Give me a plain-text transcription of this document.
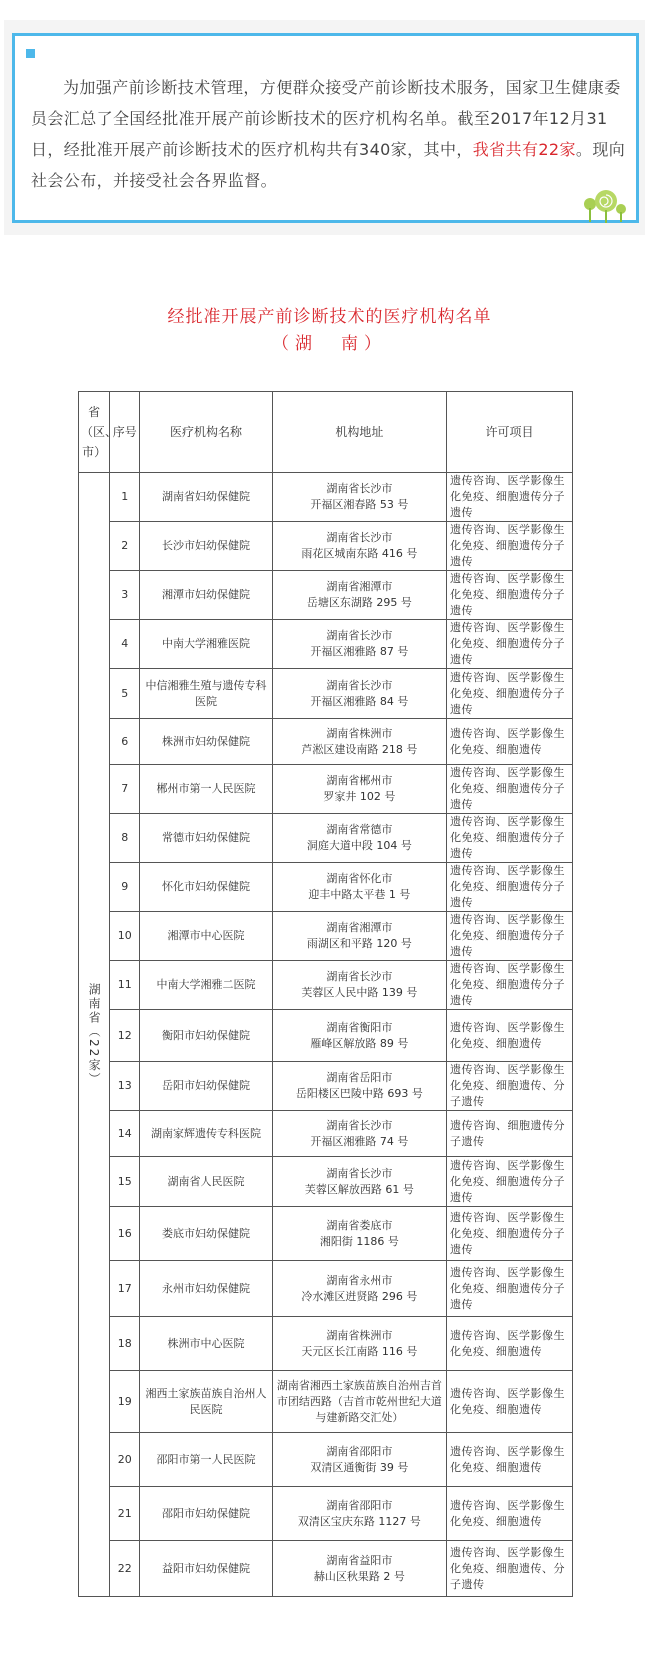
为加强产前诊断技术管理，方便群众接受产前诊断技术服务，国家卫生健康委员会汇总了全国经批准开展产前诊断技术的医疗机构名单。截至2017年12月31日，经批准开展产前诊断技术的医疗机构共有340家，其中，我省共有22家。现向社会公布，并接受社会各界监督。
经批准开展产前诊断技术的医疗机构名单
（湖　南）
省（区、市）	序号	医疗机构名称	机构地址	许可项目

湖南省（22家）	1	湖南省妇幼保健院	湖南省长沙市
开福区湘春路 53 号	遗传咨询、医学影像生化免疫、细胞遗传分子遗传
	2	长沙市妇幼保健院	湖南省长沙市
雨花区城南东路 416 号	遗传咨询、医学影像生化免疫、细胞遗传分子遗传
	3	湘潭市妇幼保健院	湖南省湘潭市
岳塘区东湖路 295 号	遗传咨询、医学影像生化免疫、细胞遗传分子遗传
	4	中南大学湘雅医院	湖南省长沙市
开福区湘雅路 87 号	遗传咨询、医学影像生化免疫、细胞遗传分子遗传
	5	中信湘雅生殖与遗传专科医院	湖南省长沙市
开福区湘雅路 84 号	遗传咨询、医学影像生化免疫、细胞遗传分子遗传
	6	株洲市妇幼保健院	湖南省株洲市
芦淞区建设南路 218 号	遗传咨询、医学影像生化免疫、细胞遗传
	7	郴州市第一人民医院	湖南省郴州市
罗家井 102 号	遗传咨询、医学影像生化免疫、细胞遗传分子遗传
	8	常德市妇幼保健院	湖南省常德市
洞庭大道中段 104 号	遗传咨询、医学影像生化免疫、细胞遗传分子遗传
	9	怀化市妇幼保健院	湖南省怀化市
迎丰中路太平巷 1 号	遗传咨询、医学影像生化免疫、细胞遗传分子遗传
	10	湘潭市中心医院	湖南省湘潭市
雨湖区和平路 120 号	遗传咨询、医学影像生化免疫、细胞遗传分子遗传
	11	中南大学湘雅二医院	湖南省长沙市
芙蓉区人民中路 139 号	遗传咨询、医学影像生化免疫、细胞遗传分子遗传
	12	衡阳市妇幼保健院	湖南省衡阳市
雁峰区解放路 89 号	遗传咨询、医学影像生化免疫、细胞遗传
	13	岳阳市妇幼保健院	湖南省岳阳市
岳阳楼区巴陵中路 693 号	遗传咨询、医学影像生化免疫、细胞遗传、分子遗传
	14	湖南家辉遗传专科医院	湖南省长沙市
开福区湘雅路 74 号	遗传咨询、细胞遗传分子遗传
	15	湖南省人民医院	湖南省长沙市
芙蓉区解放西路 61 号	遗传咨询、医学影像生化免疫、细胞遗传分子遗传
	16	娄底市妇幼保健院	湖南省娄底市
湘阳街 1186 号	遗传咨询、医学影像生化免疫、细胞遗传分子遗传
	17	永州市妇幼保健院	湖南省永州市
冷水滩区逬贤路 296 号	遗传咨询、医学影像生化免疫、细胞遗传分子遗传
	18	株洲市中心医院	湖南省株洲市
天元区长江南路 116 号	遗传咨询、医学影像生化免疫、细胞遗传
	19	湘西土家族苗族自治州人民医院	湖南省湘西土家族苗族自治州吉首市团结西路（吉首市乾州世纪大道与建新路交汇处）	遗传咨询、医学影像生化免疫、细胞遗传
	20	邵阳市第一人民医院	湖南省邵阳市
双清区通衡街 39 号	遗传咨询、医学影像生化免疫、细胞遗传
	21	邵阳市妇幼保健院	湖南省邵阳市
双清区宝庆东路 1127 号	遗传咨询、医学影像生化免疫、细胞遗传
	22	益阳市妇幼保健院	湖南省益阳市
赫山区秋果路 2 号	遗传咨询、医学影像生化免疫、细胞遗传、分子遗传
